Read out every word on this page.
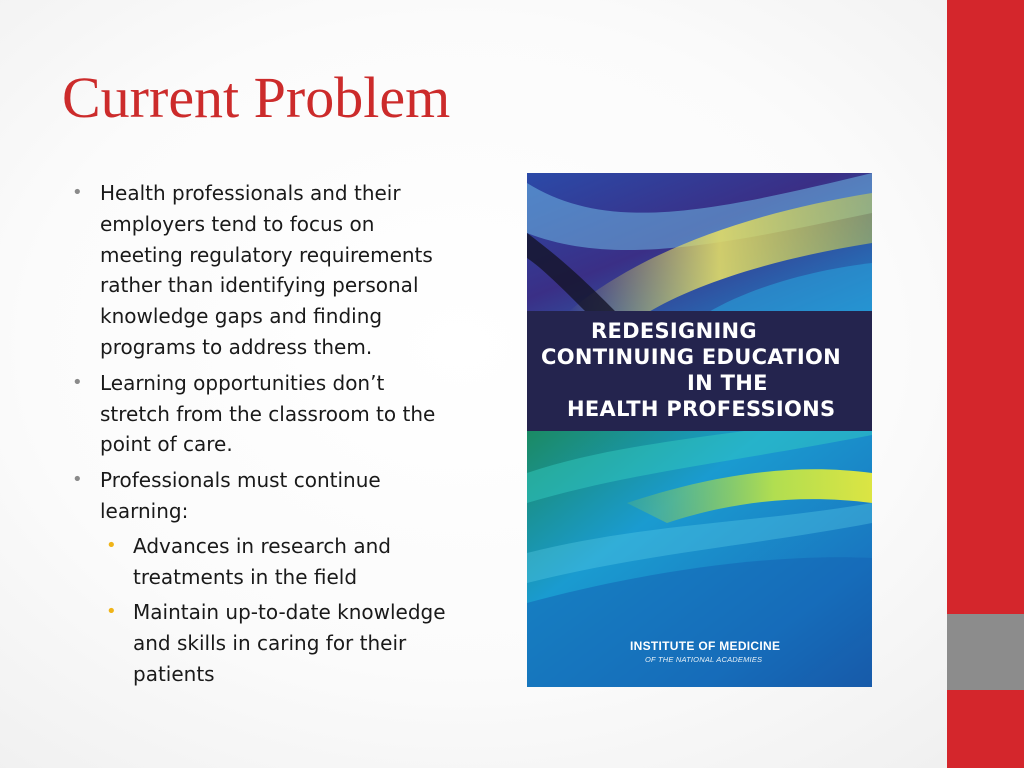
Current Problem
• Health professionals and their employers tend to focus on meeting regulatory requirements rather than identifying personal knowledge gaps and finding programs to address them.
• Learning opportunities don’t stretch from the classroom to the point of care.
• Professionals must continue learning:
• Advances in research and treatments in the field
• Maintain up-to-date knowledge and skills in caring for their patients
REDESIGNING
CONTINUING EDUCATION
IN THE
HEALTH PROFESSIONS
INSTITUTE OF MEDICINE
OF THE NATIONAL ACADEMIES
